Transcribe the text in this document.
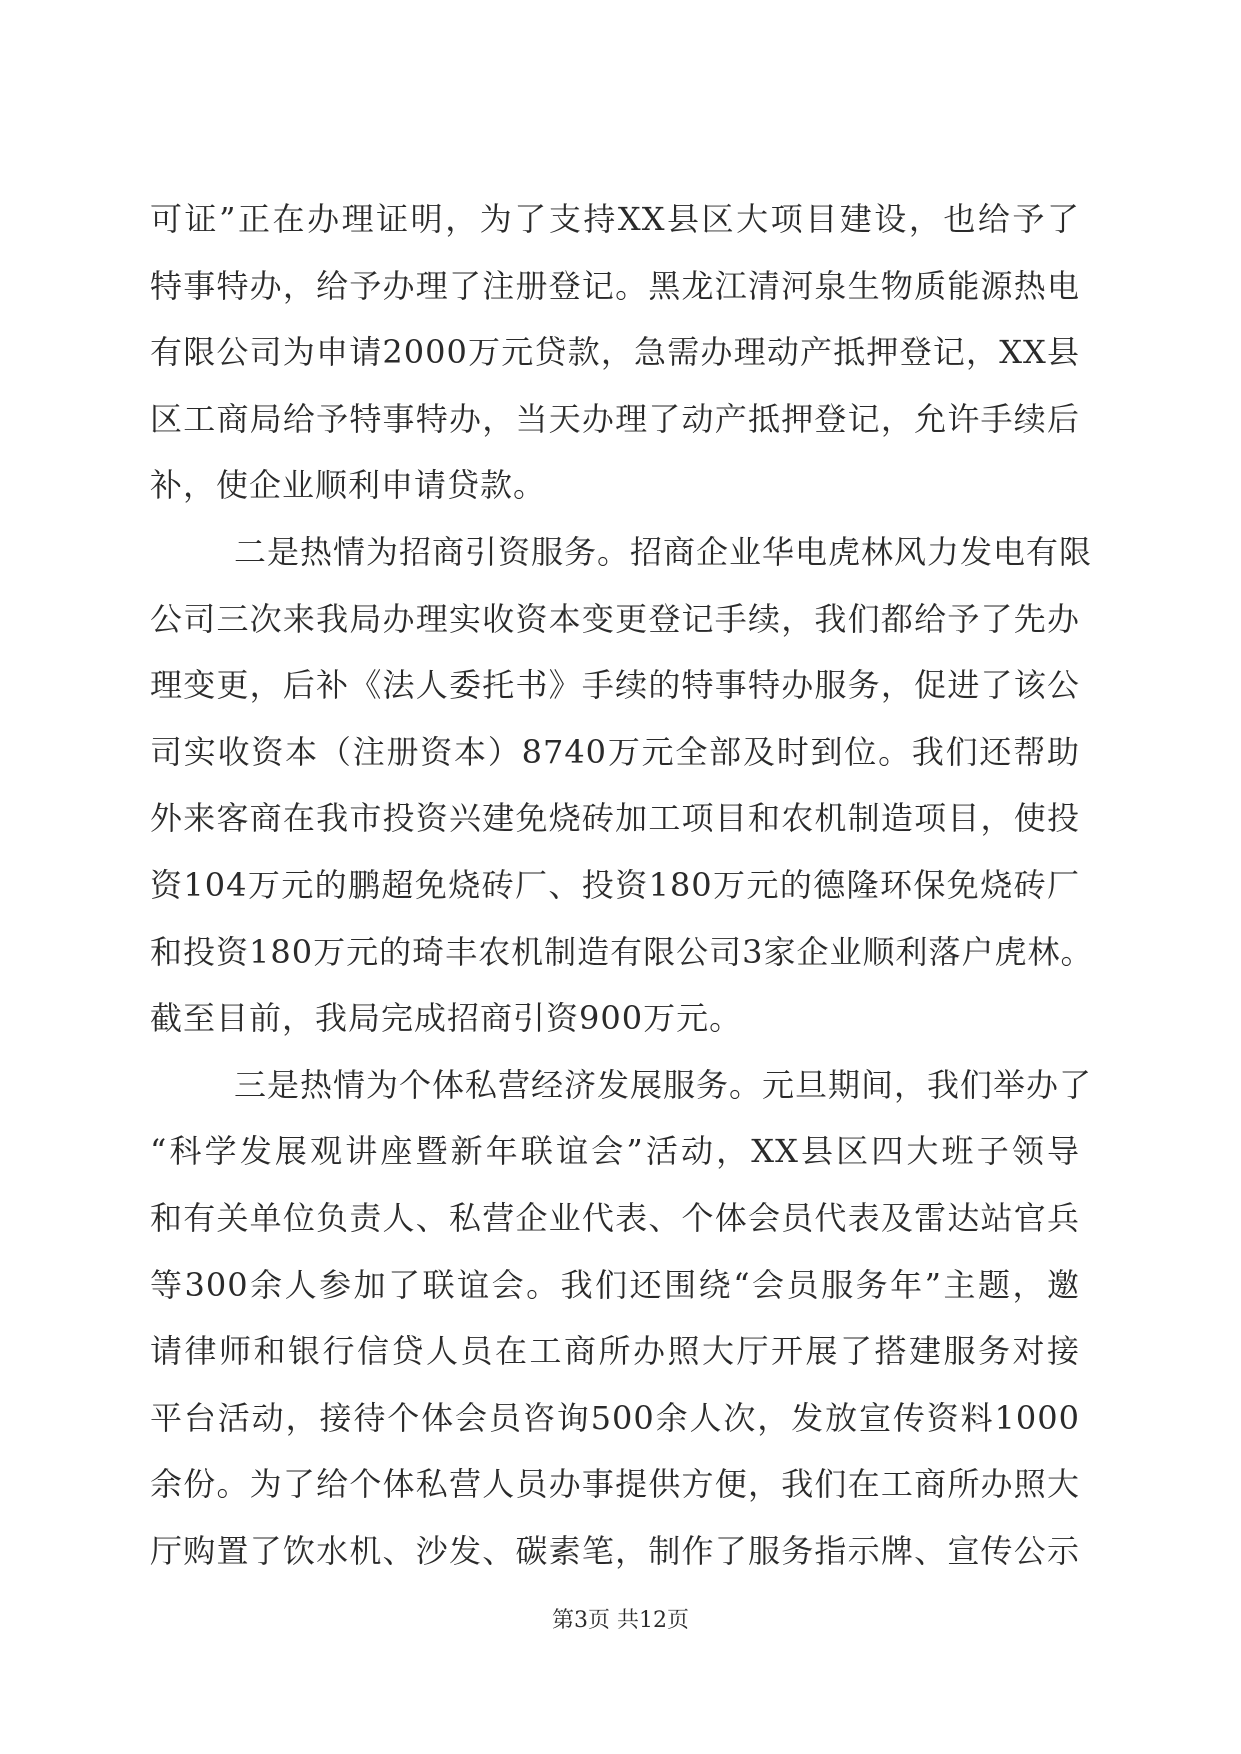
可证”正在办理证明，为了支持XX县区大项目建设，也给予了
特事特办，给予办理了注册登记。黑龙江清河泉生物质能源热电
有限公司为申请2000万元贷款，急需办理动产抵押登记，XX县
区工商局给予特事特办，当天办理了动产抵押登记，允许手续后
补，使企业顺利申请贷款。
二是热情为招商引资服务。招商企业华电虎林风力发电有限
公司三次来我局办理实收资本变更登记手续，我们都给予了先办
理变更，后补《法人委托书》手续的特事特办服务，促进了该公
司实收资本（注册资本）8740万元全部及时到位。我们还帮助
外来客商在我市投资兴建免烧砖加工项目和农机制造项目，使投
资104万元的鹏超免烧砖厂、投资180万元的德隆环保免烧砖厂
和投资180万元的琦丰农机制造有限公司3家企业顺利落户虎林。
截至目前，我局完成招商引资900万元。
三是热情为个体私营经济发展服务。元旦期间，我们举办了
“科学发展观讲座暨新年联谊会”活动，XX县区四大班子领导
和有关单位负责人、私营企业代表、个体会员代表及雷达站官兵
等300余人参加了联谊会。我们还围绕“会员服务年”主题，邀
请律师和银行信贷人员在工商所办照大厅开展了搭建服务对接
平台活动，接待个体会员咨询500余人次，发放宣传资料1000
余份。为了给个体私营人员办事提供方便，我们在工商所办照大
厅购置了饮水机、沙发、碳素笔，制作了服务指示牌、宣传公示
第3页 共12页
